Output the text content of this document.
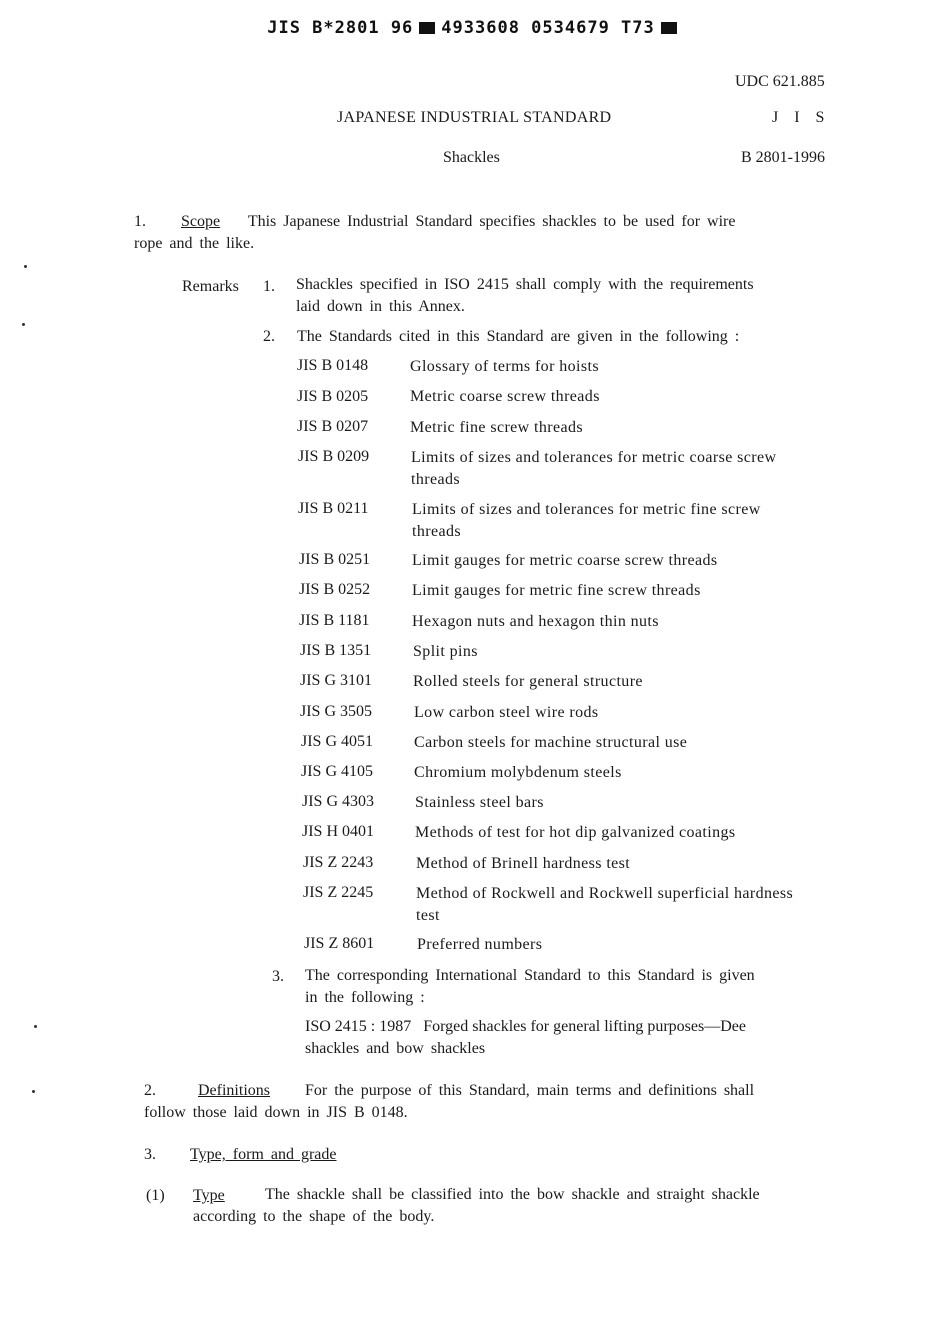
JIS B*2801 96 4933608 0534679 T73
UDC 621.885
JAPANESE INDUSTRIAL STANDARD	J I S
Shackles	B 2801-1996
1. Scope This Japanese Industrial Standard specifies shackles to be used for wire
rope and the like.
Remarks 1. Shackles specified in ISO 2415 shall comply with the requirements
laid down in this Annex.
2. The Standards cited in this Standard are given in the following :
JIS B 0148	Glossary of terms for hoists
JIS B 0205	Metric coarse screw threads
JIS B 0207	Metric fine screw threads
JIS B 0209	Limits of sizes and tolerances for metric coarse screw
threads
JIS B 0211	Limits of sizes and tolerances for metric fine screw
threads
JIS B 0251	Limit gauges for metric coarse screw threads
JIS B 0252	Limit gauges for metric fine screw threads
JIS B 1181	Hexagon nuts and hexagon thin nuts
JIS B 1351	Split pins
JIS G 3101	Rolled steels for general structure
JIS G 3505	Low carbon steel wire rods
JIS G 4051	Carbon steels for machine structural use
JIS G 4105	Chromium molybdenum steels
JIS G 4303	Stainless steel bars
JIS H 0401	Methods of test for hot dip galvanized coatings
JIS Z 2243	Method of Brinell hardness test
JIS Z 2245	Method of Rockwell and Rockwell superficial hardness
test
JIS Z 8601	Preferred numbers
3. The corresponding International Standard to this Standard is given
in the following :
ISO 2415 : 1987   Forged shackles for general lifting purposes—Dee
shackles and bow shackles
2.	Definitions For the purpose of this Standard, main terms and definitions shall
follow those laid down in JIS B 0148.
3. Type, form and grade
(1) Type	The shackle shall be classified into the bow shackle and straight shackle
according to the shape of the body.
